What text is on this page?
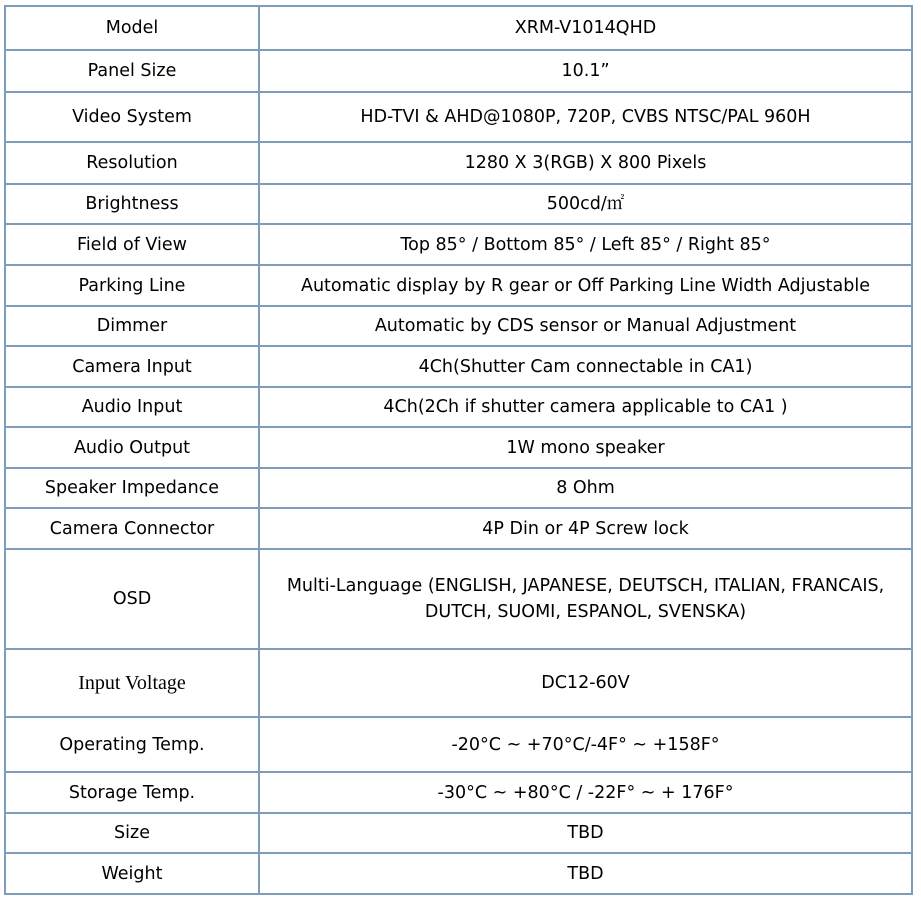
Model	XRM-V1014QHD
Panel Size	10.1”
Video System	HD-TVI & AHD@1080P, 720P, CVBS NTSC/PAL 960H
Resolution	1280 X 3(RGB) X 800 Pixels
Brightness	500cd/㎡
Field of View	Top 85° / Bottom 85° / Left 85° / Right 85°
Parking Line	Automatic display by R gear or Off Parking Line Width Adjustable
Dimmer	Automatic by CDS sensor or Manual Adjustment
Camera Input	4Ch(Shutter Cam connectable in CA1)
Audio Input	4Ch(2Ch if shutter camera applicable to CA1 )
Audio Output	1W mono speaker
Speaker Impedance	8 Ohm
Camera Connector	4P Din or 4P Screw lock
OSD	Multi-Language (ENGLISH, JAPANESE, DEUTSCH, ITALIAN, FRANCAIS,
DUTCH, SUOMI, ESPANOL, SVENSKA)

Input Voltage	DC12-60V
Operating Temp.	-20°C ~ +70°C/-4F° ~ +158F°
Storage Temp.	-30°C ~ +80°C / -22F° ~ + 176F°
Size	TBD
Weight	TBD
